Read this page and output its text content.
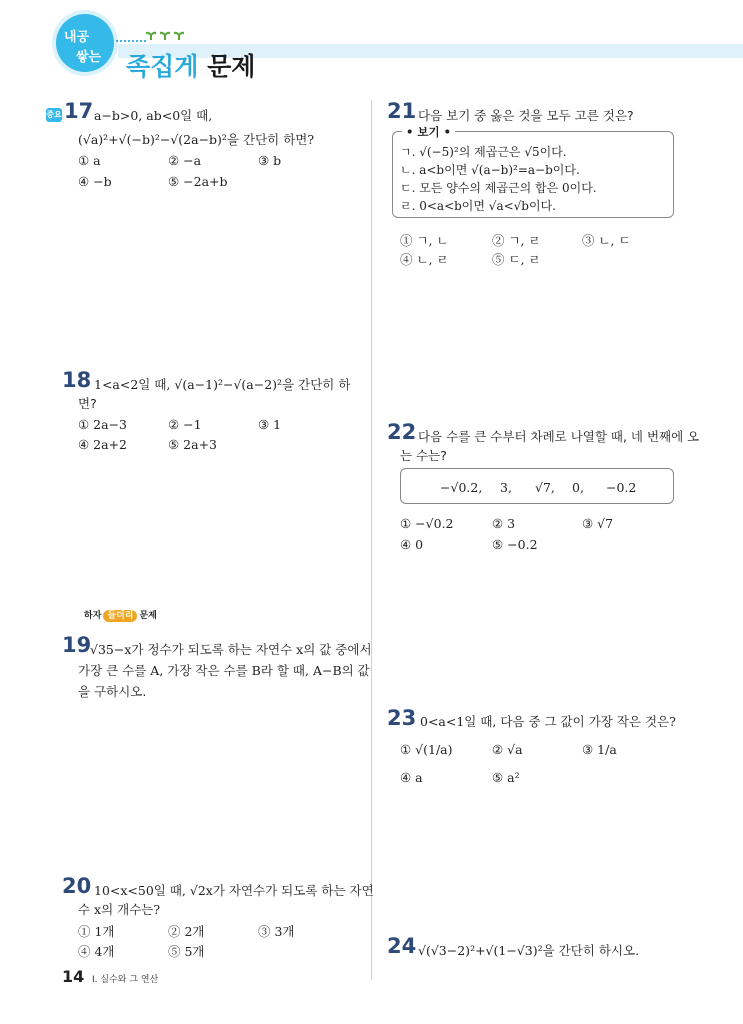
내공
쌓는 족집게 문제
중요 17 a−b>0, ab<0일 때,
(√a)²+√(−b)²−√(2a−b)²을 간단히 하면?
① a	② −a	③ b
④ −b	⑤ −2a+b
18 1<a<2일 때, √(a−1)²−√(a−2)²을 간단히 하
면?
① 2a−3	② −1	③ 1
④ 2a+2	⑤ 2a+3
하자 들더리 문제
19
√35−x가 정수가 되도록 하는 자연수 x의 값 중에서
가장 큰 수를 A, 가장 작은 수를 B라 할 때, A−B의 값
을 구하시오.
20 10<x<50일 때, √2x가 자연수가 되도록 하는 자연
수 x의 개수는?
① 1개	② 2개	③ 3개
④ 4개	⑤ 5개
21 다음 보기 중 옳은 것을 모두 고른 것은?
• 보기 •
ㄱ. √(−5)²의 제곱근은 √5이다.
ㄴ. a<b이면 √(a−b)²=a−b이다.
ㄷ. 모든 양수의 제곱근의 합은 0이다.
ㄹ. 0<a<b이면 √a<√b이다.
① ㄱ, ㄴ	② ㄱ, ㄹ	③ ㄴ, ㄷ
④ ㄴ, ㄹ	⑤ ㄷ, ㄹ
22 다음 수를 큰 수부터 차례로 나열할 때, 네 번째에 오
는 수는?
−√0.2, 3, √7, 0, −0.2
① −√0.2	② 3	③ √7
④ 0	⑤ −0.2
23 0<a<1일 때, 다음 중 그 값이 가장 작은 것은?
① √(1/a)	② √a	③ 1/a
④ a	⑤ a²
24 √(√3−2)²+√(1−√3)²을 간단히 하시오.
14 Ⅰ. 실수와 그 연산
